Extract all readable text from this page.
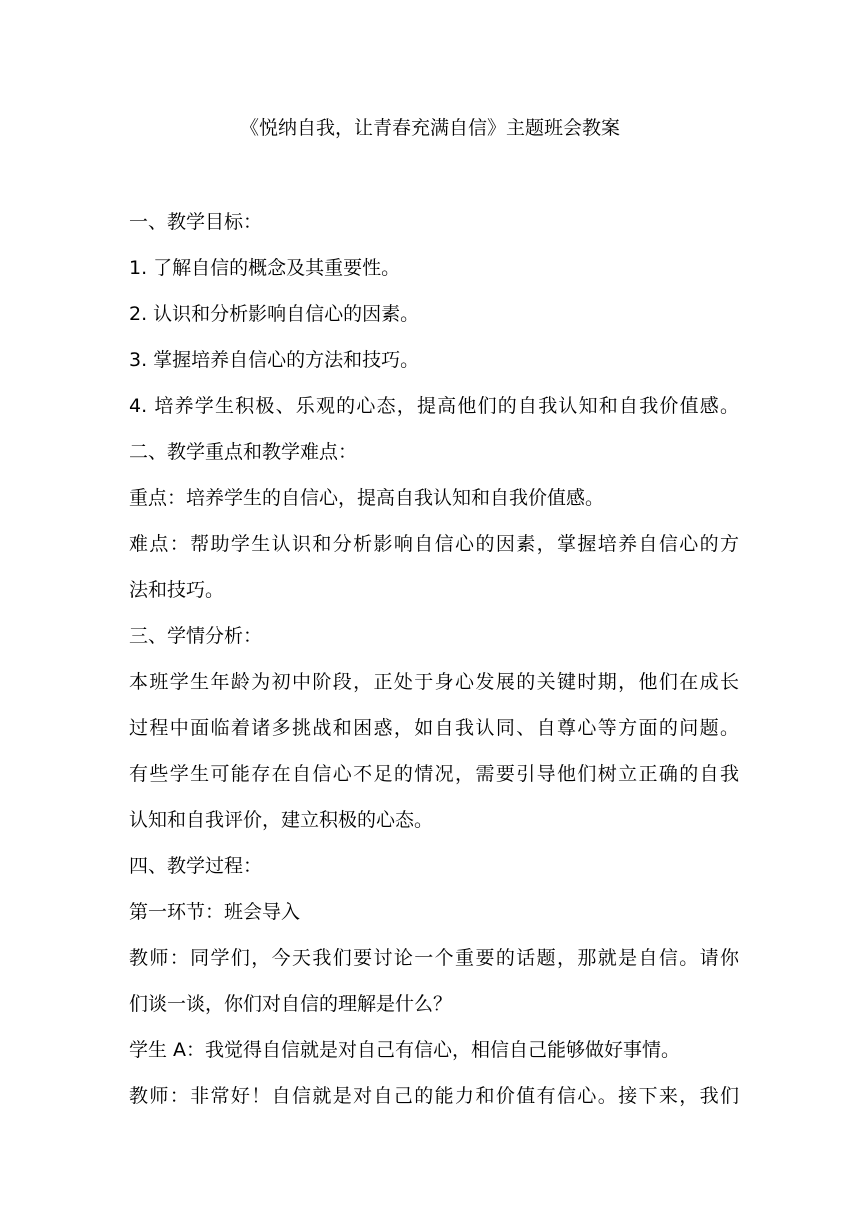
《悦纳自我，让青春充满自信》主题班会教案
一、教学目标：
1. 了解自信的概念及其重要性。
2. 认识和分析影响自信心的因素。
3. 掌握培养自信心的方法和技巧。
4. 培养学生积极、乐观的心态，提高他们的自我认知和自我价值感。
二、教学重点和教学难点：
重点：培养学生的自信心，提高自我认知和自我价值感。
难点：帮助学生认识和分析影响自信心的因素，掌握培养自信心的方
法和技巧。
三、学情分析：
本班学生年龄为初中阶段，正处于身心发展的关键时期，他们在成长
过程中面临着诸多挑战和困惑，如自我认同、自尊心等方面的问题。
有些学生可能存在自信心不足的情况，需要引导他们树立正确的自我
认知和自我评价，建立积极的心态。
四、教学过程：
第一环节：班会导入
教师：同学们，今天我们要讨论一个重要的话题，那就是自信。请你
们谈一谈，你们对自信的理解是什么？
学生 A：我觉得自信就是对自己有信心，相信自己能够做好事情。
教师：非常好！自信就是对自己的能力和价值有信心。接下来，我们
